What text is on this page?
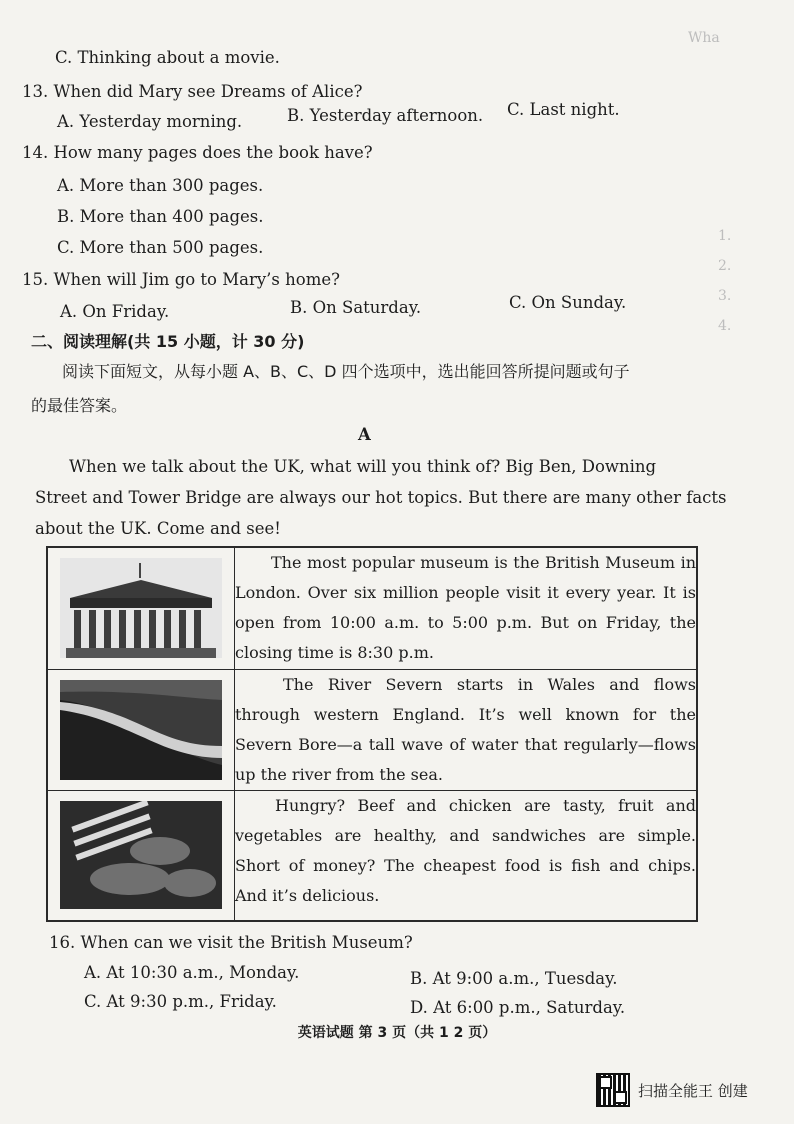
Wha
1.
2.
3.
4.
C. Thinking about a movie.
13. When did Mary see Dreams of Alice?
A. Yesterday morning.	B. Yesterday afternoon. C. Last night.
14. How many pages does the book have?
A. More than 300 pages.
B. More than 400 pages.
C. More than 500 pages.
15. When will Jim go to Mary’s home?
A. On Friday.	B. On Saturday.	C. On Sunday.
二、阅读理解(共 15 小题，计 30 分)
阅读下面短文，从每小题 A、B、C、D 四个选项中，选出能回答所提问题或句子
的最佳答案。
A
When we talk about the UK, what will you think of? Big Ben, Downing
Street and Tower Bridge are always our hot topics. But there are many other facts
about the UK. Come and see!
	The most popular museum is the British Museum in London. Over six million people visit it every year. It is open from 10:00 a.m. to 5:00 p.m. But on Friday, the closing time is 8:30 p.m.

	The River Severn starts in Wales and flows through western England. It’s well known for the Severn Bore—a tall wave of water that regularly—flows up the river from the sea.

	Hungry? Beef and chicken are tasty, fruit and vegetables are healthy, and sandwiches are simple. Short of money? The cheapest food is fish and chips. And it’s delicious.
16. When can we visit the British Museum?
A. At 10:30 a.m., Monday.	B. At 9:00 a.m., Tuesday.
C. At 9:30 p.m., Friday.	D. At 6:00 p.m., Saturday.
英语试题 第 3 页（共 1 2 页）
扫描全能王 创建
